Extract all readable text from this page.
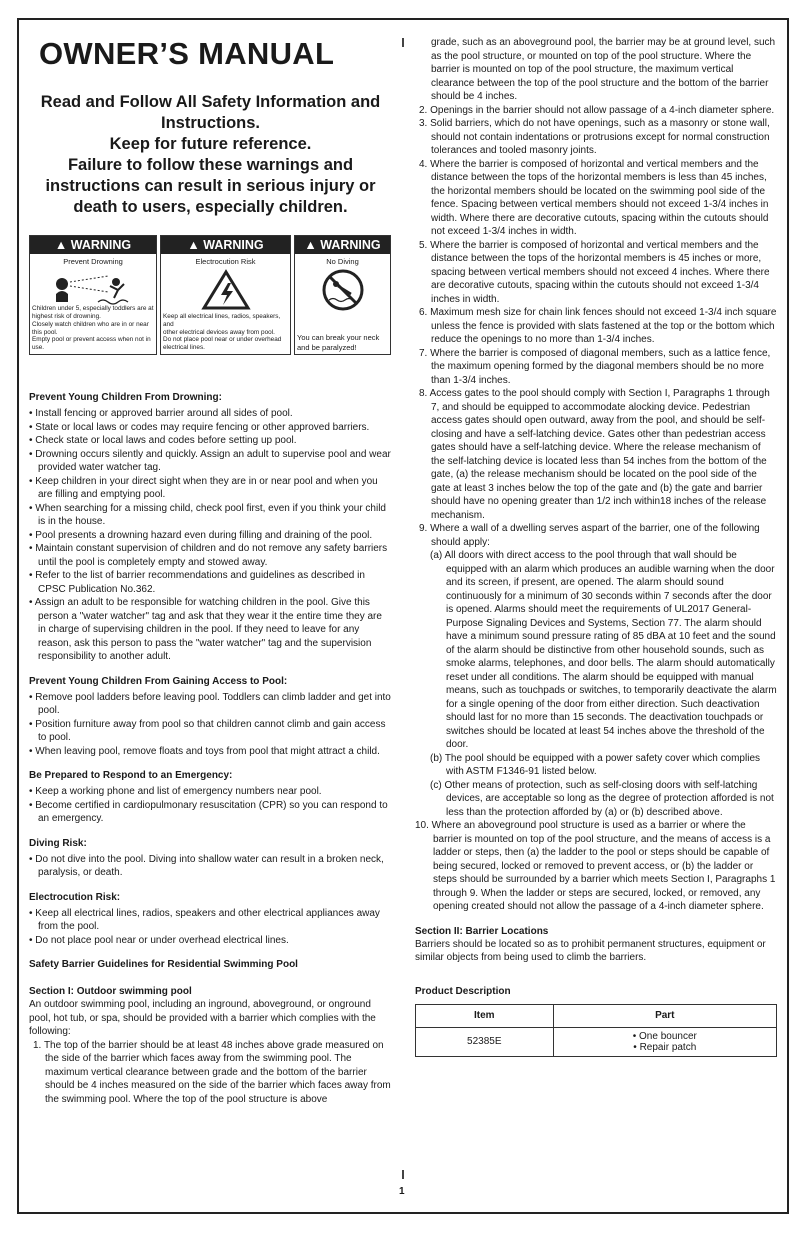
OWNER’S MANUAL
Read and Follow All Safety Information and Instructions.
Keep for future reference.
Failure to follow these warnings and instructions can result in serious injury or death to users, especially children.
▲ WARNING
Prevent Drowning
Children under 5, especially toddlers are at
highest risk of drowning.
Closely watch children who are in or near this pool.
Empty pool or prevent access when not in use.
▲ WARNING
Electrocution Risk
Keep all electrical lines, radios, speakers, and
other electrical devices away from pool.
Do not place pool near or under overhead
electrical lines.
▲ WARNING
No Diving
You can break your neck
and be paralyzed!
Prevent Young Children From Drowning:

• Install fencing or approved barrier around all sides of pool.

• State or local laws or codes may require fencing or other approved barriers.

• Check state or local laws and codes before setting up pool.

• Drowning occurs silently and quickly. Assign an adult to supervise pool and wear provided water watcher tag.

• Keep children in your direct sight when they are in or near pool and when you are filling and emptying pool.

• When searching for a missing child, check pool first, even if you think your child is in the house.

• Pool presents a drowning hazard even during filling and draining of the pool.

• Maintain constant supervision of children and do not remove any safety barriers until the pool is completely empty and stowed away.

• Refer to the list of barrier recommendations and guidelines as described in CPSC Publication No.362.

• Assign an adult to be responsible for watching children in the pool. Give this person a "water watcher" tag and ask that they wear it the entire time they are in charge of supervising children in the pool. If they need to leave for any reason, ask this person to pass the "water watcher" tag and the supervision responsibility to another adult.

Prevent Young Children From Gaining Access to Pool:

• Remove pool ladders before leaving pool. Toddlers can climb ladder and get into pool.

• Position furniture away from pool so that children cannot climb and gain access to pool.

• When leaving pool, remove floats and toys from pool that might attract a child.

Be Prepared to Respond to an Emergency:

• Keep a working phone and list of emergency numbers near pool.

• Become certified in cardiopulmonary resuscitation (CPR) so you can respond to an emergency.

Diving Risk:

• Do not dive into the pool. Diving into shallow water can result in a broken neck, paralysis, or death.

Electrocution Risk:

• Keep all electrical lines, radios, speakers and other electrical appliances away from the pool.

• Do not place pool near or under overhead electrical lines.

Safety Barrier Guidelines for Residential Swimming Pool
Section I: Outdoor swimming pool

An outdoor swimming pool, including an inground, aboveground, or onground pool, hot tub, or spa, should be provided with a barrier which complies with the following:

1. The top of the barrier should be at least 48 inches above grade measured on the side of the barrier which faces away from the swimming pool. The maximum vertical clearance between grade and the bottom of the barrier should be 4 inches measured on the side of the barrier which faces away from the swimming pool. Where the top of the pool structure is above

grade, such as an aboveground pool, the barrier may be at ground level, such as the pool structure, or mounted on top of the pool structure. Where the barrier is mounted on top of the pool structure, the maximum vertical clearance between the top of the pool structure and the bottom of the barrier should be 4 inches.

2. Openings in the barrier should not allow passage of a 4-inch diameter sphere.

3. Solid barriers, which do not have openings, such as a masonry or stone wall, should not contain indentations or protrusions except for normal construction tolerances and tooled masonry joints.

4. Where the barrier is composed of horizontal and vertical members and the distance between the tops of the horizontal members is less than 45 inches, the horizontal members should be located on the swimming pool side of the fence. Spacing between vertical members should not exceed 1-3/4 inches in width. Where there are decorative cutouts, spacing within the cutouts should not exceed 1-3/4 inches in width.

5. Where the barrier is composed of horizontal and vertical members and the distance between the tops of the horizontal members is 45 inches or more, spacing between vertical members should not exceed 4 inches. Where there are decorative cutouts, spacing within the cutouts should not exceed 1-3/4 inches in width.

6. Maximum mesh size for chain link fences should not exceed 1-3/4 inch square unless the fence is provided with slats fastened at the top or the bottom which reduce the openings to no more than 1-3/4 inches.

7. Where the barrier is composed of diagonal members, such as a lattice fence, the maximum opening formed by the diagonal members should be no more than 1-3/4 inches.

8. Access gates to the pool should comply with Section I, Paragraphs 1 through 7, and should be equipped to accommodate alocking device. Pedestrian access gates should open outward, away from the pool, and should be self-closing and have a self-latching device. Gates other than pedestrian access gates should have a self-latching device. Where the release mechanism of the self-latching device is located less than 54 inches from the bottom of the gate, (a) the release mechanism should be located on the pool side of the gate at least 3 inches below the top of the gate and (b) the gate and barrier should have no opening greater than 1/2 inch within18 inches of the release mechanism.

9. Where a wall of a dwelling serves aspart of the barrier, one of the following should apply:

(a) All doors with direct access to the pool through that wall should be equipped with an alarm which produces an audible warning when the door and its screen, if present, are opened. The alarm should sound continuously for a minimum of 30 seconds within 7 seconds after the door is opened. Alarms should meet the requirements of UL2017 General-Purpose Signaling Devices and Systems, Section 77. The alarm should have a minimum sound pressure rating of 85 dBA at 10 feet and the sound of the alarm should be distinctive from other household sounds, such as smoke alarms, telephones, and door bells. The alarm should automatically reset under all conditions. The alarm should be equipped with manual means, such as touchpads or switches, to temporarily deactivate the alarm for a single opening of the door from either direction. Such deactivation should last for no more than 15 seconds. The deactivation touchpads or switches should be located at least 54 inches above the threshold of the door.

(b) The pool should be equipped with a power safety cover which complies with ASTM F1346-91 listed below.

(c) Other means of protection, such as self-closing doors with self-latching devices, are acceptable so long as the degree of protection afforded is not less than the protection afforded by (a) or (b) described above.

10. Where an aboveground pool structure is used as a barrier or where the barrier is mounted on top of the pool structure, and the means of access is a ladder or steps, then (a) the ladder to the pool or steps should be capable of being secured, locked or removed to prevent access, or (b) the ladder or steps should be surrounded by a barrier which meets Section I, Paragraphs 1 through 9. When the ladder or steps are secured, locked, or removed, any opening created should not allow the passage of a 4-inch diameter sphere.

Section II: Barrier Locations

Barriers should be located so as to prohibit permanent structures, equipment or similar objects from being used to climb the barriers.

Product Description
Item	Part
52385E	• One bouncer
• Repair patch
1
